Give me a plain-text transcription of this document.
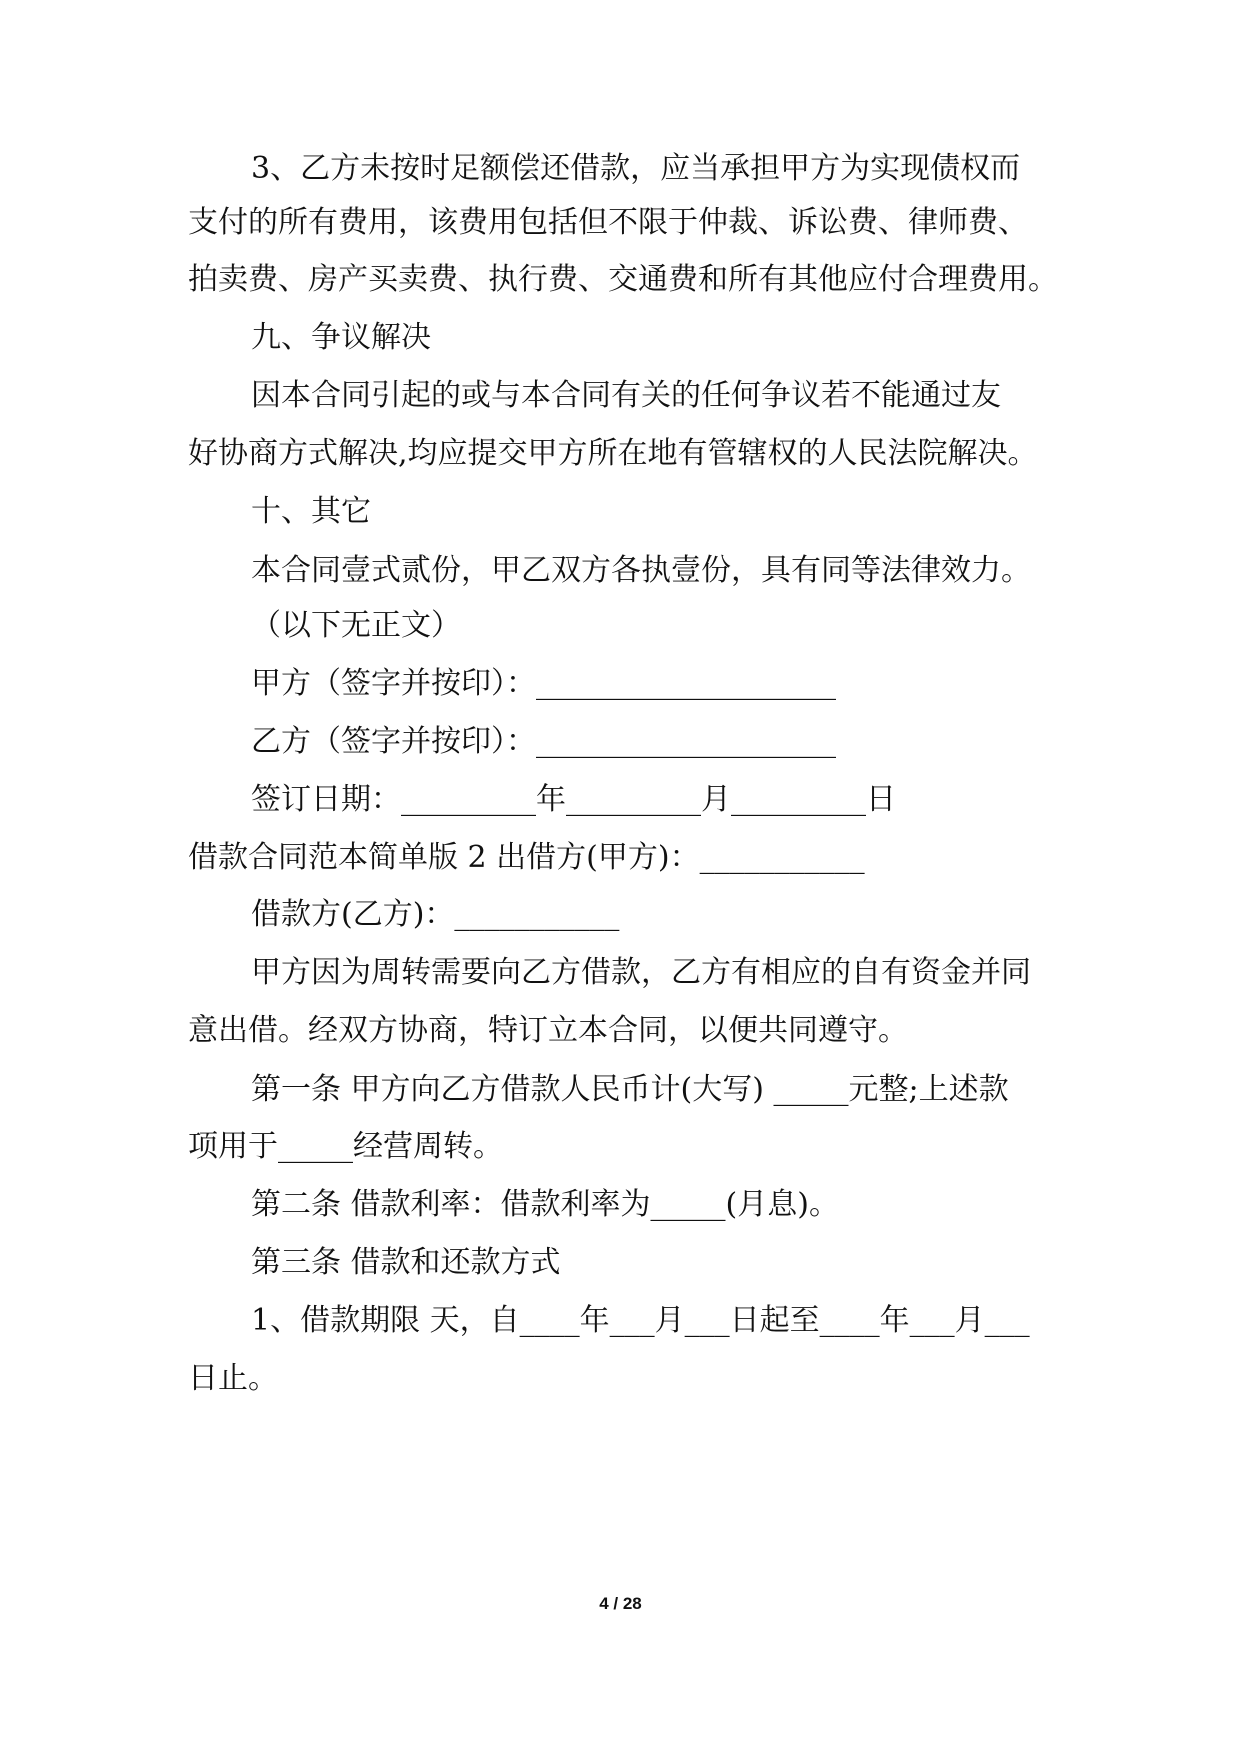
3、乙方未按时足额偿还借款，应当承担甲方为实现债权而
支付的所有费用，该费用包括但不限于仲裁、诉讼费、律师费、
拍卖费、房产买卖费、执行费、交通费和所有其他应付合理费用。
九、争议解决
因本合同引起的或与本合同有关的任何争议若不能通过友
好协商方式解决,均应提交甲方所在地有管辖权的人民法院解决。
十、其它
本合同壹式贰份，甲乙双方各执壹份，具有同等法律效力。
（以下无正文）
甲方（签字并按印）：____________________
乙方（签字并按印）：____________________
签订日期：_________年_________月_________日
借款合同范本简单版 2 出借方(甲方)：___________
借款方(乙方)：___________
甲方因为周转需要向乙方借款，乙方有相应的自有资金并同
意出借。经双方协商，特订立本合同，以便共同遵守。
第一条 甲方向乙方借款人民币计(大写) _____元整;上述款
项用于_____经营周转。
第二条 借款利率：借款利率为_____(月息)。
第三条 借款和还款方式
1、借款期限 天，自____年___月___日起至____年___月___
日止。
4 / 28
